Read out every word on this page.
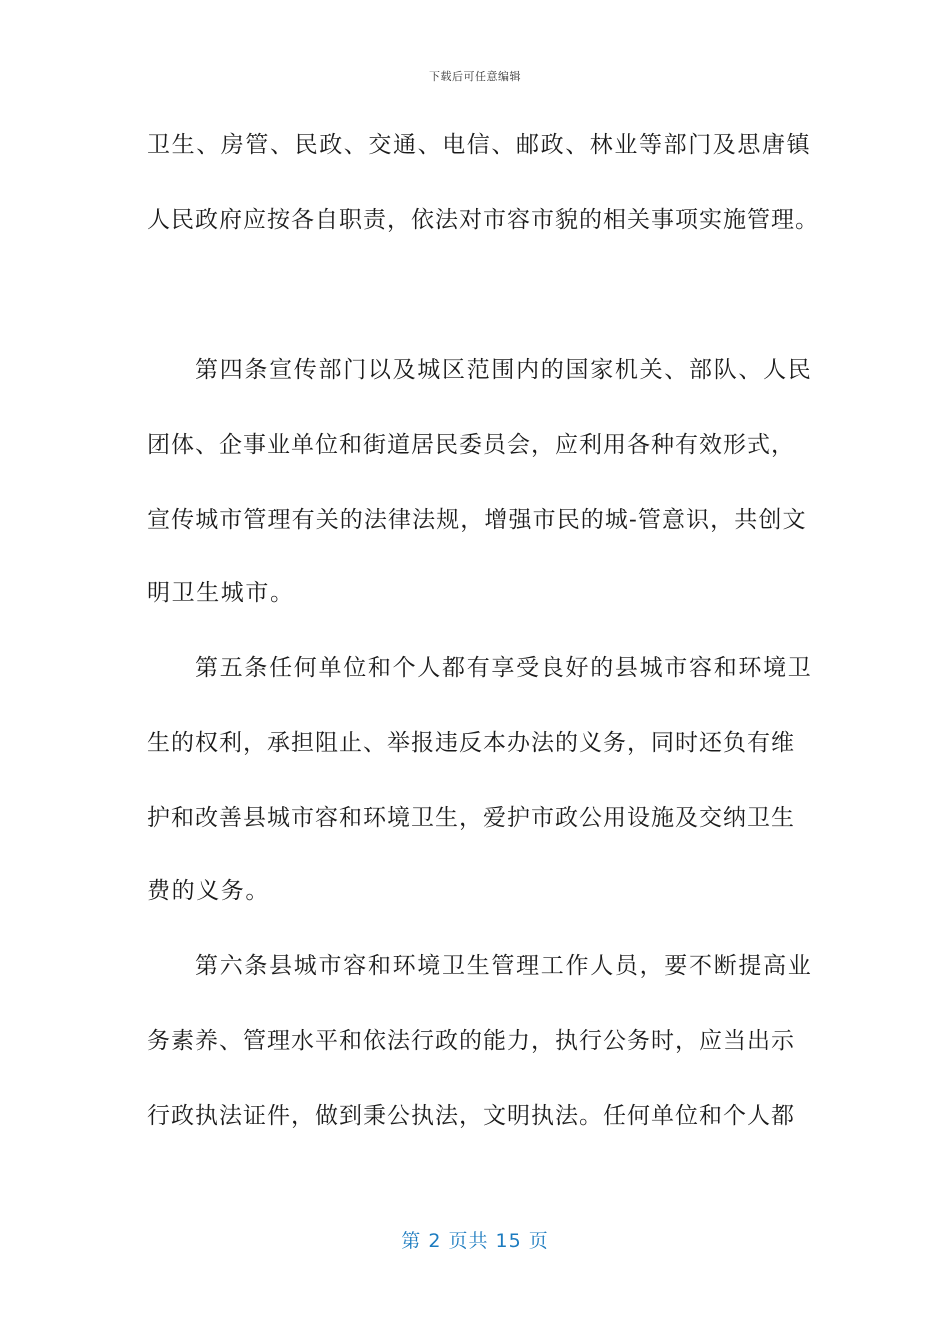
下载后可任意编辑
卫生、房管、民政、交通、电信、邮政、林业等部门及思唐镇
人民政府应按各自职责，依法对市容市貌的相关事项实施管理。
第四条宣传部门以及城区范围内的国家机关、部队、人民
团体、企事业单位和街道居民委员会，应利用各种有效形式，
宣传城市管理有关的法律法规，增强市民的城-管意识，共创文
明卫生城市。
第五条任何单位和个人都有享受良好的县城市容和环境卫
生的权利，承担阻止、举报违反本办法的义务，同时还负有维
护和改善县城市容和环境卫生，爱护市政公用设施及交纳卫生
费的义务。
第六条县城市容和环境卫生管理工作人员，要不断提高业
务素养、管理水平和依法行政的能力，执行公务时，应当出示
行政执法证件，做到秉公执法，文明执法。任何单位和个人都
第 2 页共 15 页
